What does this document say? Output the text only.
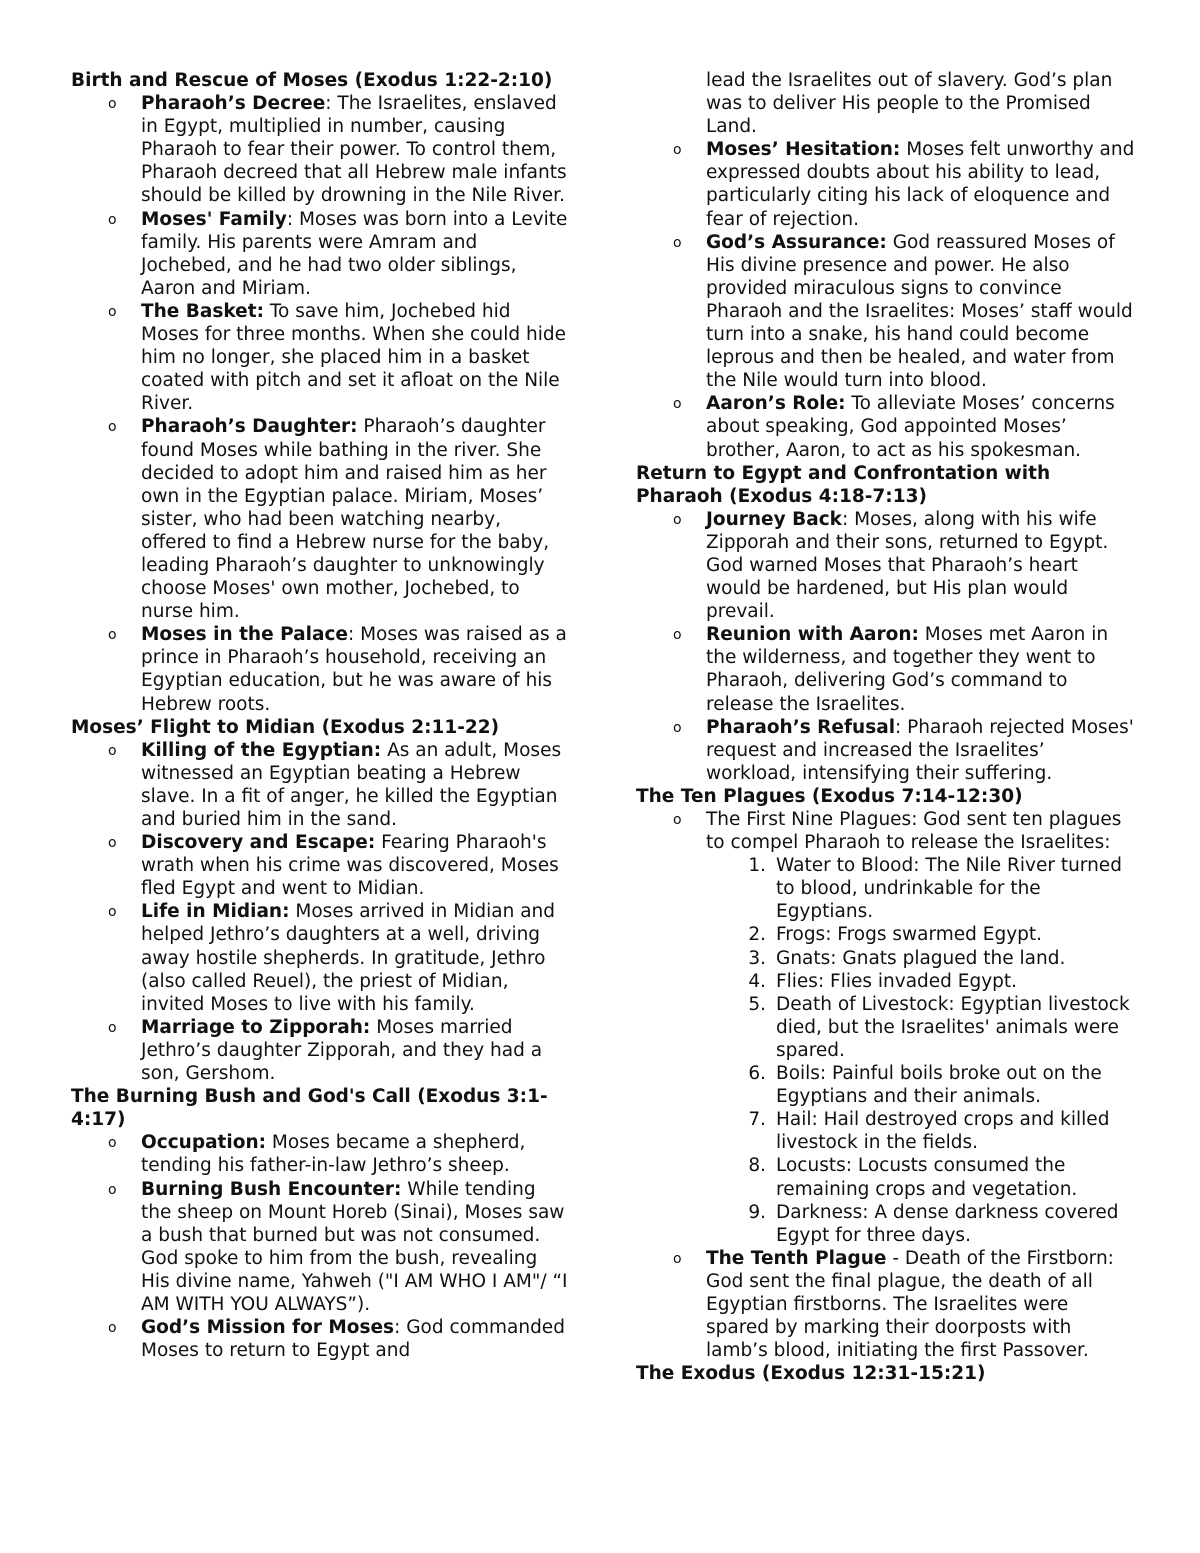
Birth and Rescue of Moses (Exodus 1:22-2:10)

o Pharaoh’s Decree: The Israelites, enslaved in Egypt, multiplied in number, causing Pharaoh to fear their power. To control them, Pharaoh decreed that all Hebrew male infants should be killed by drowning in the Nile River.
o Moses' Family: Moses was born into a Levite family. His parents were Amram and Jochebed, and he had two older siblings, Aaron and Miriam.
o The Basket: To save him, Jochebed hid Moses for three months. When she could hide him no longer, she placed him in a basket coated with pitch and set it afloat on the Nile River.
o Pharaoh’s Daughter: Pharaoh’s daughter found Moses while bathing in the river. She decided to adopt him and raised him as her own in the Egyptian palace. Miriam, Moses’ sister, who had been watching nearby, offered to find a Hebrew nurse for the baby, leading Pharaoh’s daughter to unknowingly choose Moses' own mother, Jochebed, to nurse him.
o Moses in the Palace: Moses was raised as a prince in Pharaoh’s household, receiving an Egyptian education, but he was aware of his Hebrew roots.

Moses’ Flight to Midian (Exodus 2:11-22)

o Killing of the Egyptian: As an adult, Moses witnessed an Egyptian beating a Hebrew slave. In a fit of anger, he killed the Egyptian and buried him in the sand.
o Discovery and Escape: Fearing Pharaoh's wrath when his crime was discovered, Moses fled Egypt and went to Midian.
o Life in Midian: Moses arrived in Midian and helped Jethro’s daughters at a well, driving away hostile shepherds. In gratitude, Jethro (also called Reuel), the priest of Midian, invited Moses to live with his family.
o Marriage to Zipporah: Moses married Jethro’s daughter Zipporah, and they had a son, Gershom.

The Burning Bush and God's Call (Exodus 3:1-4:17)

o Occupation: Moses became a shepherd, tending his father-in-law Jethro’s sheep.
o Burning Bush Encounter: While tending the sheep on Mount Horeb (Sinai), Moses saw a bush that burned but was not consumed. God spoke to him from the bush, revealing His divine name, Yahweh ("I AM WHO I AM"/ “I AM WITH YOU ALWAYS”).
o God’s Mission for Moses: God commanded Moses to return to Egypt and
lead the Israelites out of slavery. God’s plan was to deliver His people to the Promised Land.
o Moses’ Hesitation: Moses felt unworthy and expressed doubts about his ability to lead, particularly citing his lack of eloquence and fear of rejection.
o God’s Assurance: God reassured Moses of His divine presence and power. He also provided miraculous signs to convince Pharaoh and the Israelites: Moses’ staff would turn into a snake, his hand could become leprous and then be healed, and water from the Nile would turn into blood.
o Aaron’s Role: To alleviate Moses’ concerns about speaking, God appointed Moses’ brother, Aaron, to act as his spokesman.

Return to Egypt and Confrontation with Pharaoh (Exodus 4:18-7:13)

o Journey Back: Moses, along with his wife Zipporah and their sons, returned to Egypt. God warned Moses that Pharaoh’s heart would be hardened, but His plan would prevail.
o Reunion with Aaron: Moses met Aaron in the wilderness, and together they went to Pharaoh, delivering God’s command to release the Israelites.
o Pharaoh’s Refusal: Pharaoh rejected Moses' request and increased the Israelites’ workload, intensifying their suffering.

The Ten Plagues (Exodus 7:14-12:30)

o The First Nine Plagues: God sent ten plagues to compel Pharaoh to release the Israelites:
1. Water to Blood: The Nile River turned to blood, undrinkable for the Egyptians.
2. Frogs: Frogs swarmed Egypt.
3. Gnats: Gnats plagued the land.
4. Flies: Flies invaded Egypt.
5. Death of Livestock: Egyptian livestock died, but the Israelites' animals were spared.
6. Boils: Painful boils broke out on the Egyptians and their animals.
7. Hail: Hail destroyed crops and killed livestock in the fields.
8. Locusts: Locusts consumed the remaining crops and vegetation.
9. Darkness: A dense darkness covered Egypt for three days.
o The Tenth Plague - Death of the Firstborn: God sent the final plague, the death of all Egyptian firstborns. The Israelites were spared by marking their doorposts with lamb’s blood, initiating the first Passover.

The Exodus (Exodus 12:31-15:21)
